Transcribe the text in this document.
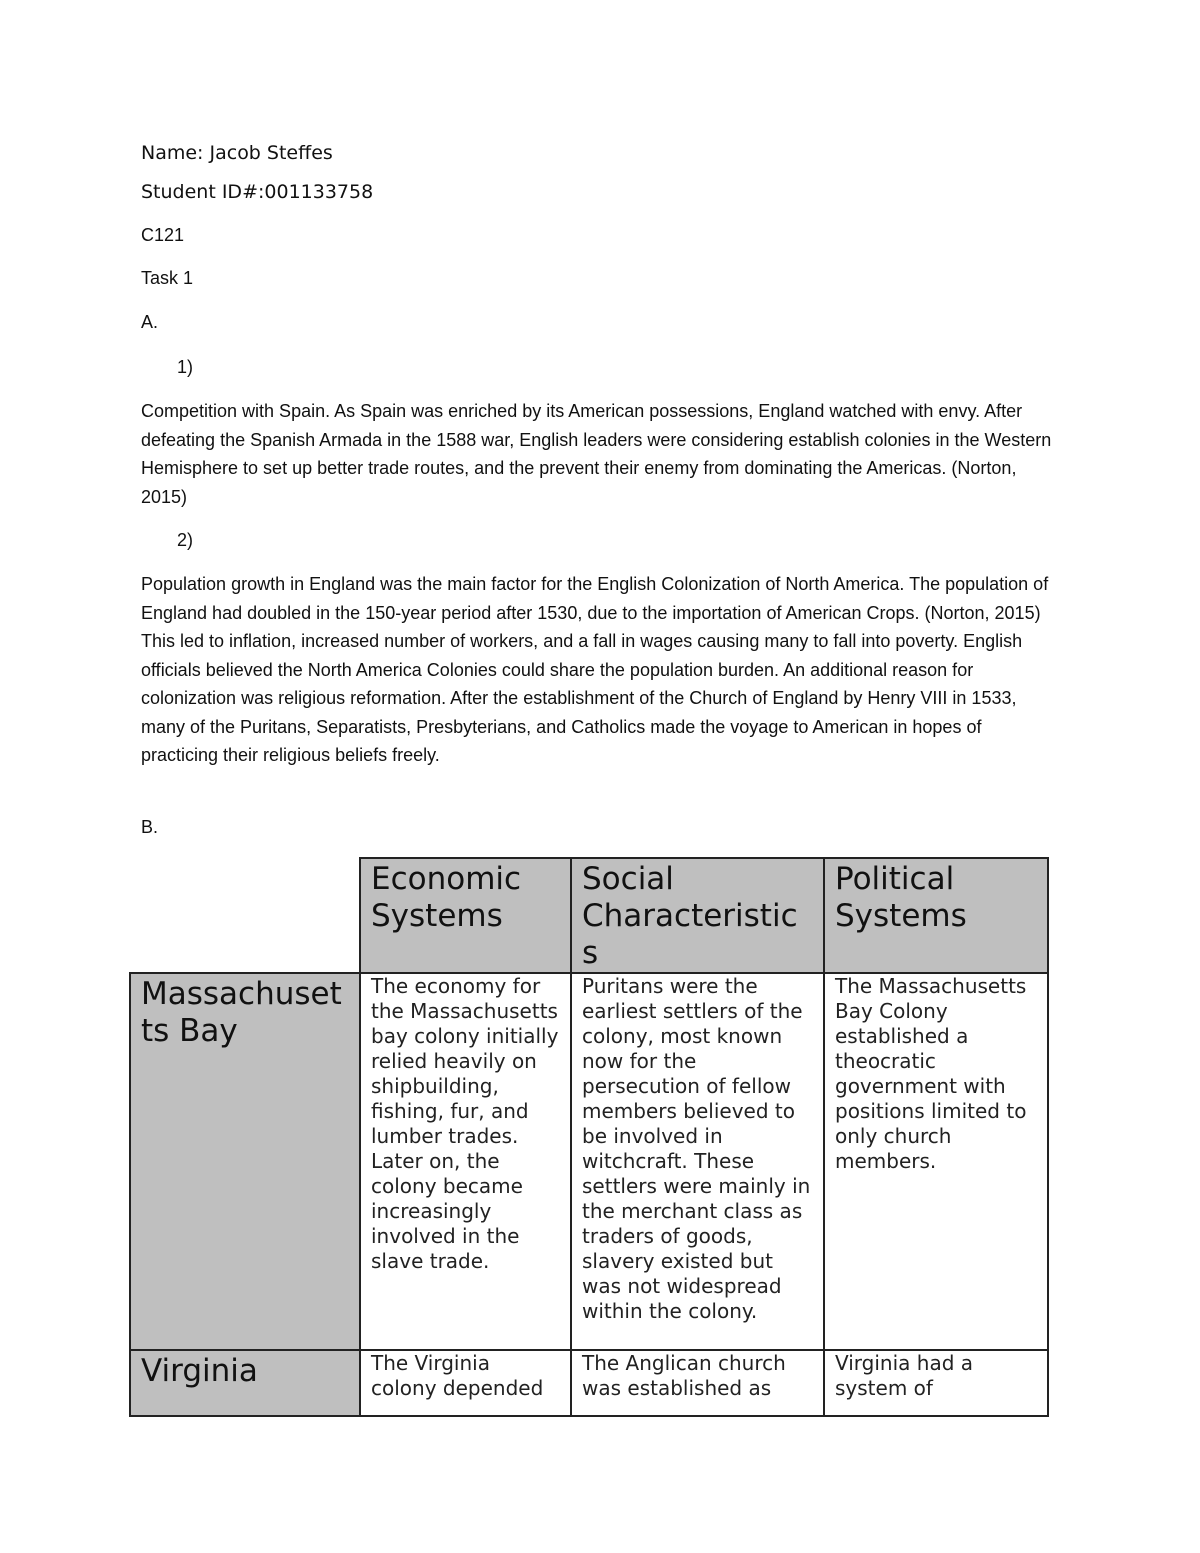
Name: Jacob Steffes

Student ID#:001133758

C121

Task 1

A.

1)

Competition with Spain. As Spain was enriched by its American possessions, England watched with envy. After defeating the Spanish Armada in the 1588 war, English leaders were considering establish colonies in the Western Hemisphere to set up better trade routes, and the prevent their enemy from dominating the Americas. (Norton, 2015)

2)

Population growth in England was the main factor for the English Colonization of North America. The population of England had doubled in the 150-year period after 1530, due to the importation of American Crops. (Norton, 2015) This led to inflation, increased number of workers, and a fall in wages causing many to fall into poverty. English officials believed the North America Colonies could share the population burden. An additional reason for colonization was religious reformation. After the establishment of the Church of England by Henry VIII in 1533, many of the Puritans, Separatists, Presbyterians, and Catholics made the voyage to American in hopes of practicing their religious beliefs freely.

B.

	Economic Systems	Social Characteristic s	Political Systems
Massachuset ts Bay	The economy for the Massachusetts bay colony initially relied heavily on shipbuilding, fishing, fur, and lumber trades. Later on, the colony became increasingly involved in the slave trade.	Puritans were the earliest settlers of the colony, most known now for the persecution of fellow members believed to be involved in witchcraft. These settlers were mainly in the merchant class as traders of goods, slavery existed but was not widespread within the colony.	The Massachusetts Bay Colony established a theocratic government with positions limited to only church members.
Virginia	The Virginia colony depended	The Anglican church was established as	Virginia had a system of
